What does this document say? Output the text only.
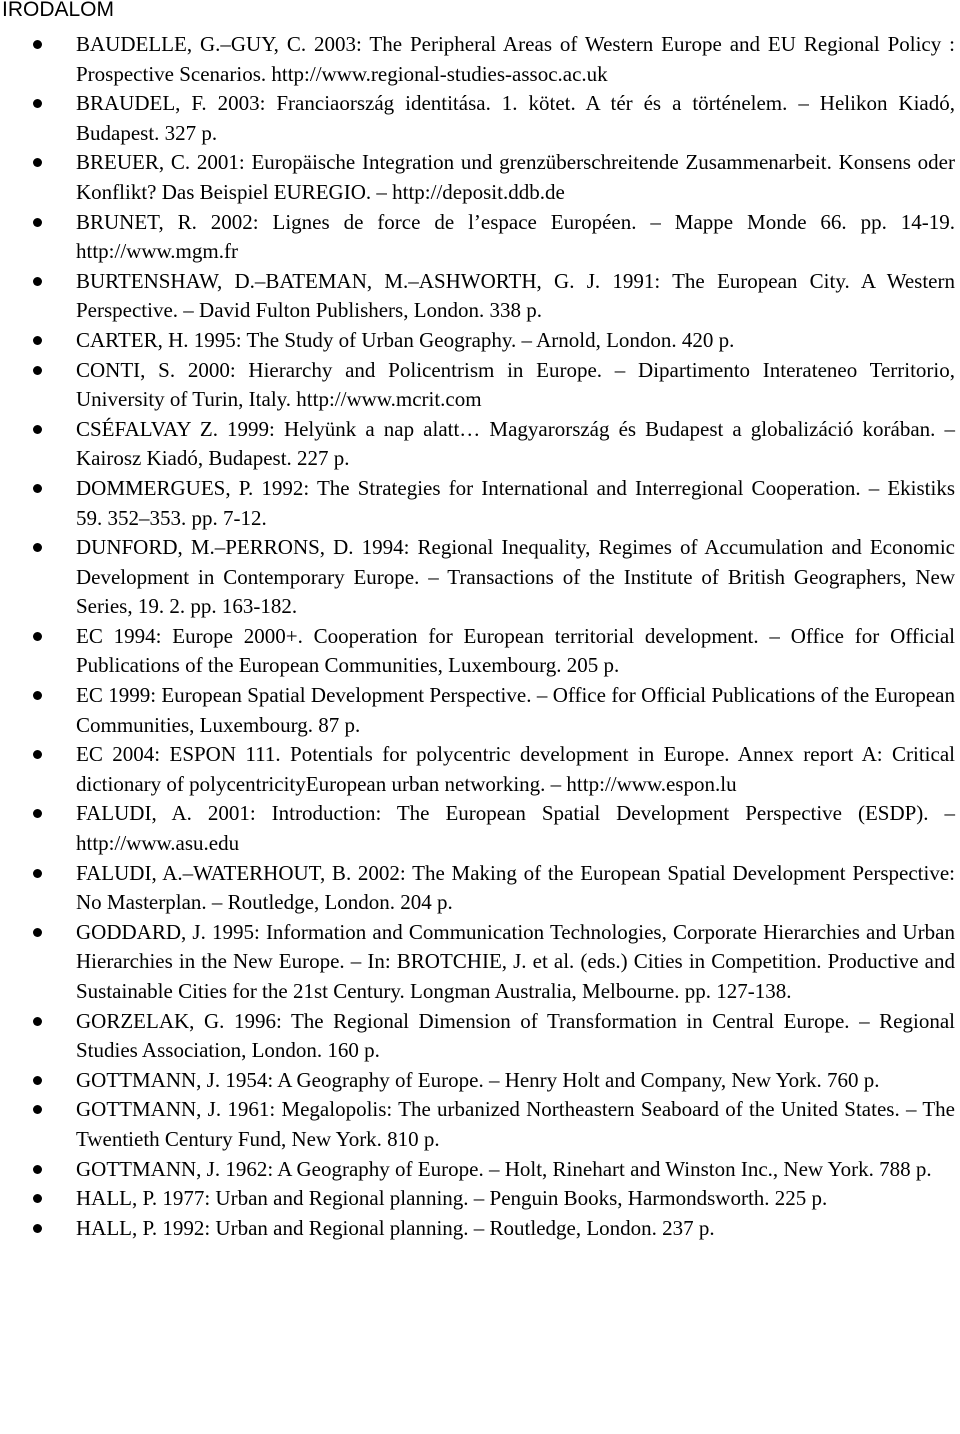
IRODALOM
BAUDELLE, G.–GUY, C. 2003: The Peripheral Areas of Western Europe and EU Regional Policy : Prospective Scenarios. http://www.regional-studies-assoc.ac.uk
BRAUDEL, F. 2003: Franciaország identitása. 1. kötet. A tér és a történelem. – Helikon Kiadó, Budapest. 327 p.
BREUER, C. 2001: Europäische Integration und grenzüberschreitende Zusammenarbeit. Konsens oder Konflikt? Das Beispiel EUREGIO. – http://deposit.ddb.de
BRUNET, R. 2002: Lignes de force de l’espace Européen. – Mappe Monde 66. pp. 14-19. http://www.mgm.fr
BURTENSHAW, D.–BATEMAN, M.–ASHWORTH, G. J. 1991: The European City. A Western Perspective. – David Fulton Publishers, London. 338 p.
CARTER, H. 1995: The Study of Urban Geography. – Arnold, London. 420 p.
CONTI, S. 2000: Hierarchy and Policentrism in Europe. – Dipartimento Interateneo Territorio, University of Turin, Italy. http://www.mcrit.com
CSÉFALVAY Z. 1999: Helyünk a nap alatt… Magyarország és Budapest a globalizáció korában. – Kairosz Kiadó, Budapest. 227 p.
DOMMERGUES, P. 1992: The Strategies for International and Interregional Cooperation. – Ekistiks 59. 352–353. pp. 7-12.
DUNFORD, M.–PERRONS, D. 1994: Regional Inequality, Regimes of Accumulation and Economic Development in Contemporary Europe. – Transactions of the Institute of British Geographers, New Series, 19. 2. pp. 163-182.
EC 1994: Europe 2000+. Cooperation for European territorial development. – Office for Official Publications of the European Communities, Luxembourg. 205 p.
EC 1999: European Spatial Development Perspective. – Office for Official Publications of the European Communities, Luxembourg. 87 p.
EC 2004: ESPON 111. Potentials for polycentric development in Europe. Annex report A: Critical dictionary of polycentricityEuropean urban networking. – http://www.espon.lu
FALUDI, A. 2001: Introduction: The European Spatial Development Perspective (ESDP). – http://www.asu.edu
FALUDI, A.–WATERHOUT, B. 2002: The Making of the European Spatial Development Perspective: No Masterplan. – Routledge, London. 204 p.
GODDARD, J. 1995: Information and Communication Technologies, Corporate Hierarchies and Urban Hierarchies in the New Europe. – In: BROTCHIE, J. et al. (eds.) Cities in Competition. Productive and Sustainable Cities for the 21st Century. Longman Australia, Melbourne. pp. 127-138.
GORZELAK, G. 1996: The Regional Dimension of Transformation in Central Europe. – Regional Studies Association, London. 160 p.
GOTTMANN, J. 1954: A Geography of Europe. – Henry Holt and Company, New York. 760 p.
GOTTMANN, J. 1961: Megalopolis: The urbanized Northeastern Seaboard of the United States. – The Twentieth Century Fund, New York. 810 p.
GOTTMANN, J. 1962: A Geography of Europe. – Holt, Rinehart and Winston Inc., New York. 788 p.
HALL, P. 1977: Urban and Regional planning. – Penguin Books, Harmondsworth. 225 p.
HALL, P. 1992: Urban and Regional planning. – Routledge, London. 237 p.
